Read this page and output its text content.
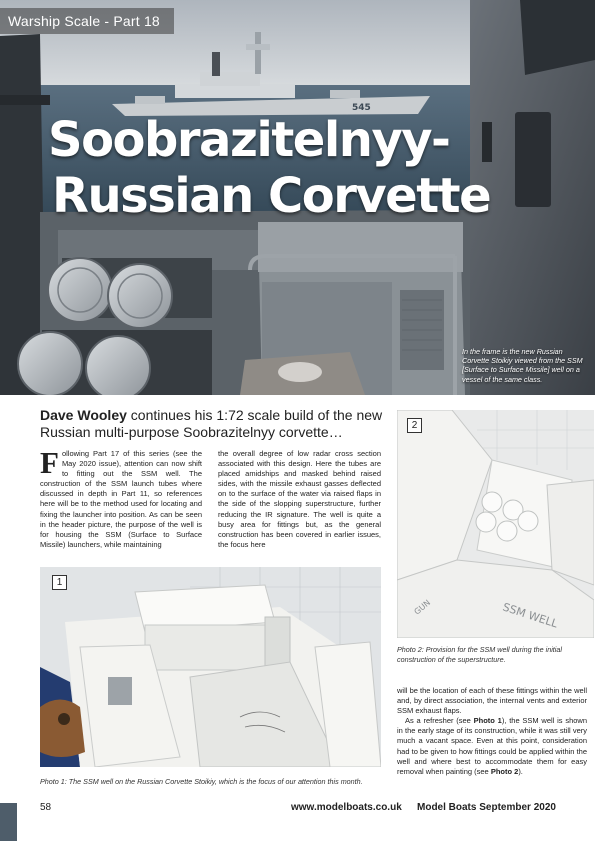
545
Warship Scale - Part 18
Soobrazitelnyy-
Russian Corvette
In the frame is the new Russian Corvette Stoikiy viewed from the SSM [Surface to Surface Missile] well on a vessel of the same class.
Dave Wooley continues his 1:72 scale build of the new Russian multi-purpose Soobrazitelnyy corvette…
Following Part 17 of this series (see the May 2020 issue), attention can now shift to fitting out the SSM well. The construction of the SSM launch tubes where discussed in depth in Part 11, so references here will be to the method used for locating and fixing the launcher into position. As can be seen in the header picture, the purpose of the well is for housing the SSM (Surface to Surface Missile) launchers, while maintaining
the overall degree of low radar cross section associated with this design. Here the tubes are placed amidships and masked behind raised sides, with the missile exhaust gasses deflected on to the surface of the water via raised flaps in the side of the slopping superstructure, further reducing the IR signature. The well is quite a busy area for fittings but, as the general construction has been covered in earlier issues, the focus here

will be the location of each of these fittings within the well and, by direct association, the internal vents and exterior SSM exhaust flaps.

As a refresher (see Photo 1), the SSM well is shown in the early stage of its construction, while it was still very much a vacant space. Even at this point, consideration had to be given to how fittings could be applied within the well and where best to accommodate them for easy removal when painting (see Photo 2).

1
Photo 1: The SSM well on the Russian Corvette Stoikiy, which is the focus of our attention this month.
SSM WELL
GUN
2
Photo 2: Provision for the SSM well during the initial construction of the superstructure.
58	www.modelboats.co.uk Model Boats September 2020
